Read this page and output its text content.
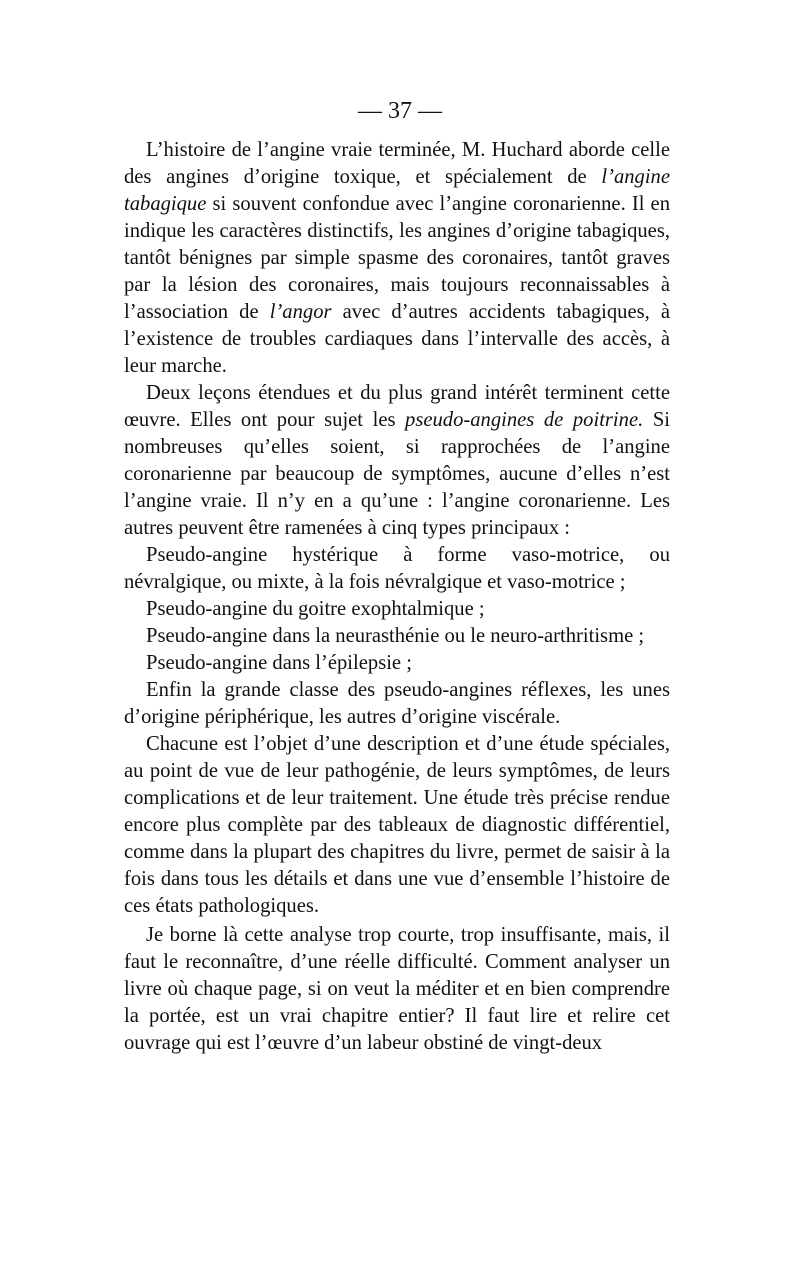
— 37 —

L’histoire de l’angine vraie terminée, M. Huchard aborde celle des angines d’origine toxique, et spécialement de l’angine tabagique si souvent confondue avec l’angine coronarienne. Il en indique les caractères distinctifs, les angines d’origine tabagiques, tantôt bénignes par simple spasme des coronaires, tantôt graves par la lésion des coronaires, mais toujours reconnaissables à l’association de l’angor avec d’autres accidents tabagiques, à l’existence de troubles cardiaques dans l’intervalle des accès, à leur marche.

Deux leçons étendues et du plus grand intérêt terminent cette œuvre. Elles ont pour sujet les pseudo-angines de poitrine. Si nombreuses qu’elles soient, si rapprochées de l’angine coronarienne par beaucoup de symptômes, aucune d’elles n’est l’angine vraie. Il n’y en a qu’une : l’angine coronarienne. Les autres peuvent être ramenées à cinq types principaux :

Pseudo-angine hystérique à forme vaso-motrice, ou névralgique, ou mixte, à la fois névralgique et vaso-motrice ;

Pseudo-angine du goitre exophtalmique ;

Pseudo-angine dans la neurasthénie ou le neuro-arthritisme ;

Pseudo-angine dans l’épilepsie ;

Enfin la grande classe des pseudo-angines réflexes, les unes d’origine périphérique, les autres d’origine viscérale.

Chacune est l’objet d’une description et d’une étude spéciales, au point de vue de leur pathogénie, de leurs symptômes, de leurs complications et de leur traitement. Une étude très précise rendue encore plus complète par des tableaux de diagnostic différentiel, comme dans la plupart des chapitres du livre, permet de saisir à la fois dans tous les détails et dans une vue d’ensemble l’histoire de ces états pathologiques.

Je borne là cette analyse trop courte, trop insuffisante, mais, il faut le reconnaître, d’une réelle difficulté. Comment analyser un livre où chaque page, si on veut la méditer et en bien comprendre la portée, est un vrai chapitre entier? Il faut lire et relire cet ouvrage qui est l’œuvre d’un labeur obstiné de vingt-deux
